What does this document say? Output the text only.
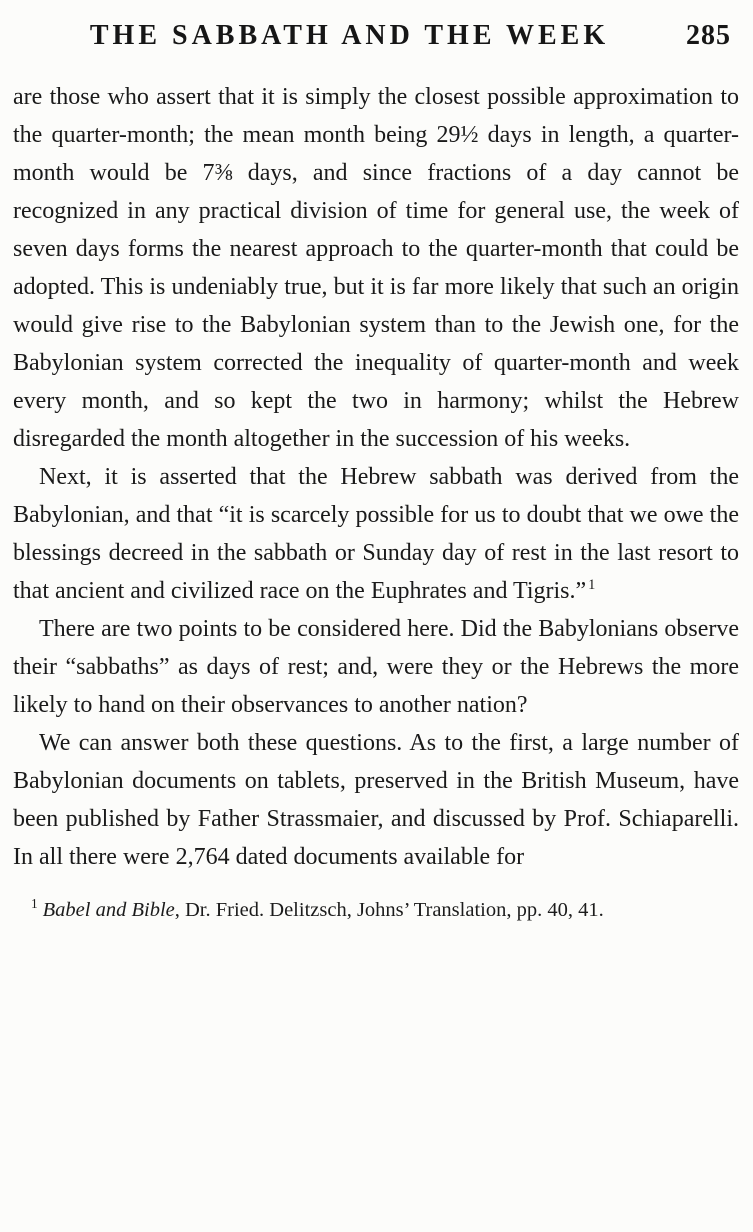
THE SABBATH AND THE WEEK	285

are those who assert that it is simply the closest possible approximation to the quarter-month; the mean month being 29½ days in length, a quarter-month would be 7⅜ days, and since fractions of a day cannot be recognized in any practical division of time for general use, the week of seven days forms the nearest approach to the quarter-month that could be adopted. This is undeniably true, but it is far more likely that such an origin would give rise to the Babylonian system than to the Jewish one, for the Babylonian system corrected the inequality of quarter-month and week every month, and so kept the two in harmony; whilst the Hebrew disregarded the month altogether in the succession of his weeks.

Next, it is asserted that the Hebrew sabbath was derived from the Babylonian, and that “it is scarcely possible for us to doubt that we owe the blessings decreed in the sabbath or Sunday day of rest in the last resort to that ancient and civilized race on the Euphrates and Tigris.” $^1$

There are two points to be considered here. Did the Babylonians observe their “sabbaths” as days of rest; and, were they or the Hebrews the more likely to hand on their observances to another nation?

We can answer both these questions. As to the first, a large number of Babylonian documents on tablets, preserved in the British Museum, have been published by Father Strassmaier, and discussed by Prof. Schiaparelli. In all there were 2,764 dated documents available for

$^1$ Babel and Bible, Dr. Fried. Delitzsch, Johns’ Translation, pp. 40, 41.
